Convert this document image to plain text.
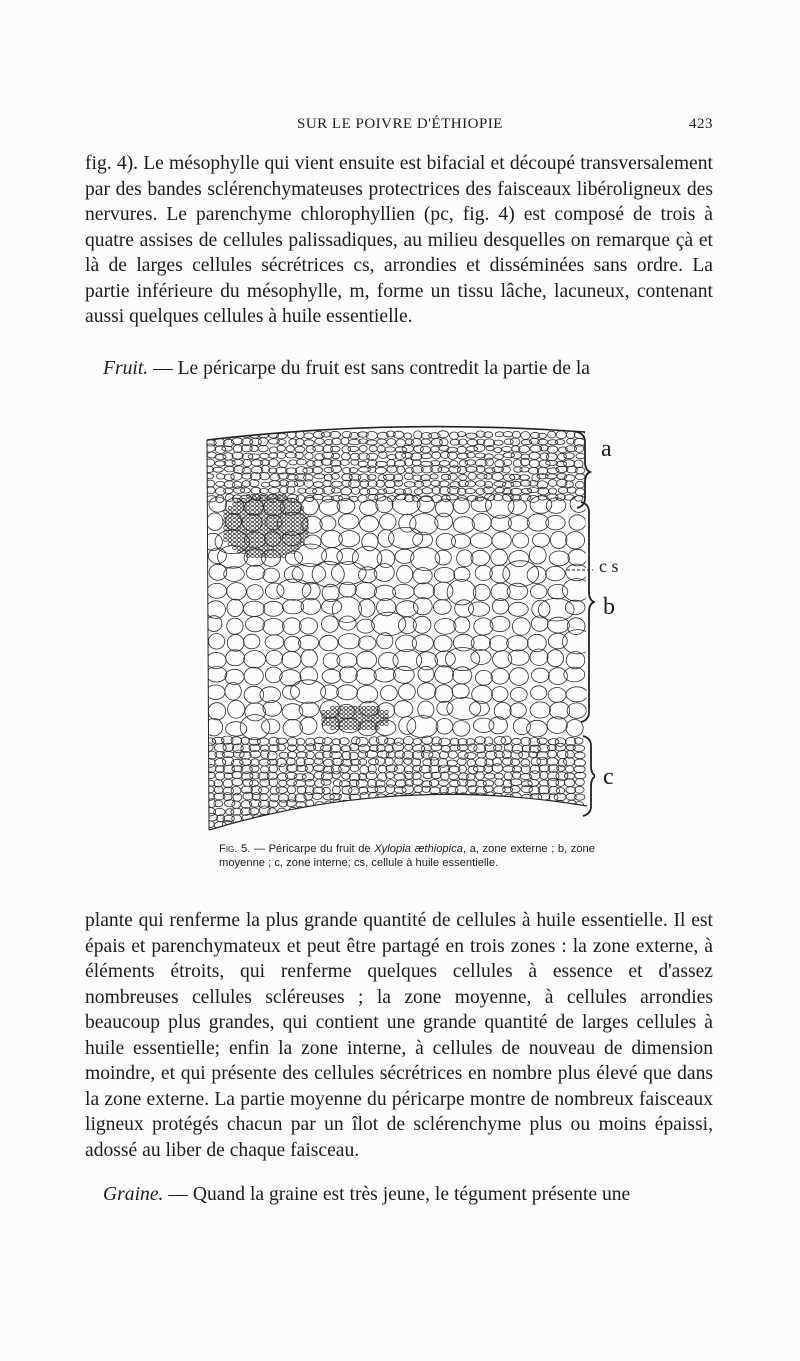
SUR LE POIVRE D'ÉTHIOPIE	423

fig. 4). Le mésophylle qui vient ensuite est bifacial et découpé transversalement par des bandes sclérenchymateuses protectrices des faisceaux libéroligneux des nervures. Le parenchyme chlorophyllien (pc, fig. 4) est composé de trois à quatre assises de cellules palissadiques, au milieu desquelles on remarque çà et là de larges cellules sécrétrices cs, arrondies et disséminées sans ordre. La partie inférieure du mésophylle, m, forme un tissu lâche, lacuneux, contenant aussi quelques cellules à huile essentielle.

Fruit. — Le péricarpe du fruit est sans contredit la partie de la

a
c s
b
c

Fig. 5. — Péricarpe du fruit de Xylopia æthiopica, a, zone externe ; b, zone moyenne ; c, zone interne; cs, cellule à huile essentielle.

plante qui renferme la plus grande quantité de cellules à huile essentielle. Il est épais et parenchymateux et peut être partagé en trois zones : la zone externe, à éléments étroits, qui renferme quelques cellules à essence et d'assez nombreuses cellules scléreuses ; la zone moyenne, à cellules arrondies beaucoup plus grandes, qui contient une grande quantité de larges cellules à huile essentielle; enfin la zone interne, à cellules de nouveau de dimension moindre, et qui présente des cellules sécrétrices en nombre plus élevé que dans la zone externe. La partie moyenne du péricarpe montre de nombreux faisceaux ligneux protégés chacun par un îlot de sclérenchyme plus ou moins épaissi, adossé au liber de chaque faisceau.

Graine. — Quand la graine est très jeune, le tégument présente une
